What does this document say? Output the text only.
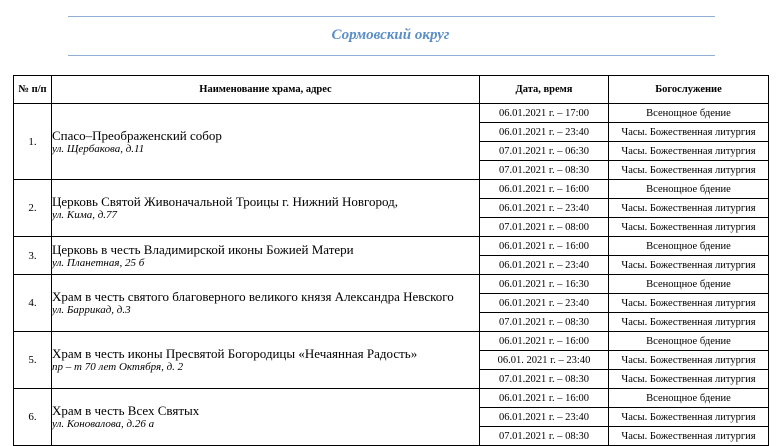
Сормовский округ
№ п/п	Наименование храма, адрес	Дата, время	Богослужение
1.	Спасо–Преображенский собор
ул. Щербакова, д.11	06.01.2021 г. – 17:00	Всенощное бдение
		06.01.2021 г. – 23:40	Часы. Божественная литургия
		07.01.2021 г. – 06:30	Часы. Божественная литургия
		07.01.2021 г. – 08:30	Часы. Божественная литургия
2.	Церковь Святой Живоначальной Троицы г. Нижний Новгород,
ул. Кима, д.77	06.01.2021 г. – 16:00	Всенощное бдение
		06.01.2021 г. – 23:40	Часы. Божественная литургия
		07.01.2021 г. – 08:00	Часы. Божественная литургия
3.	Церковь в честь Владимирской иконы Божией Матери
ул. Планетная, 25 б	06.01.2021 г. – 16:00	Всенощное бдение
		06.01.2021 г. – 23:40	Часы. Божественная литургия
4.	Храм в честь святого благоверного великого князя Александра Невского
ул. Баррикад, д.3	06.01.2021 г. – 16:30	Всенощное бдение
		06.01.2021 г. – 23:40	Часы. Божественная литургия
		07.01.2021 г. – 08:30	Часы. Божественная литургия
5.	Храм в честь иконы Пресвятой Богородицы «Нечаянная Радость»
пр – т 70 лет Октября, д. 2	06.01.2021 г. – 16:00	Всенощное бдение
		06.01. 2021 г. – 23:40	Часы. Божественная литургия
		07.01.2021 г. – 08:30	Часы. Божественная литургия
6.	Храм в честь Всех Святых
ул. Коновалова, д.26 а	06.01.2021 г. – 16:00	Всенощное бдение
		06.01.2021 г. – 23:40	Часы. Божественная литургия
		07.01.2021 г. – 08:30	Часы. Божественная литургия
